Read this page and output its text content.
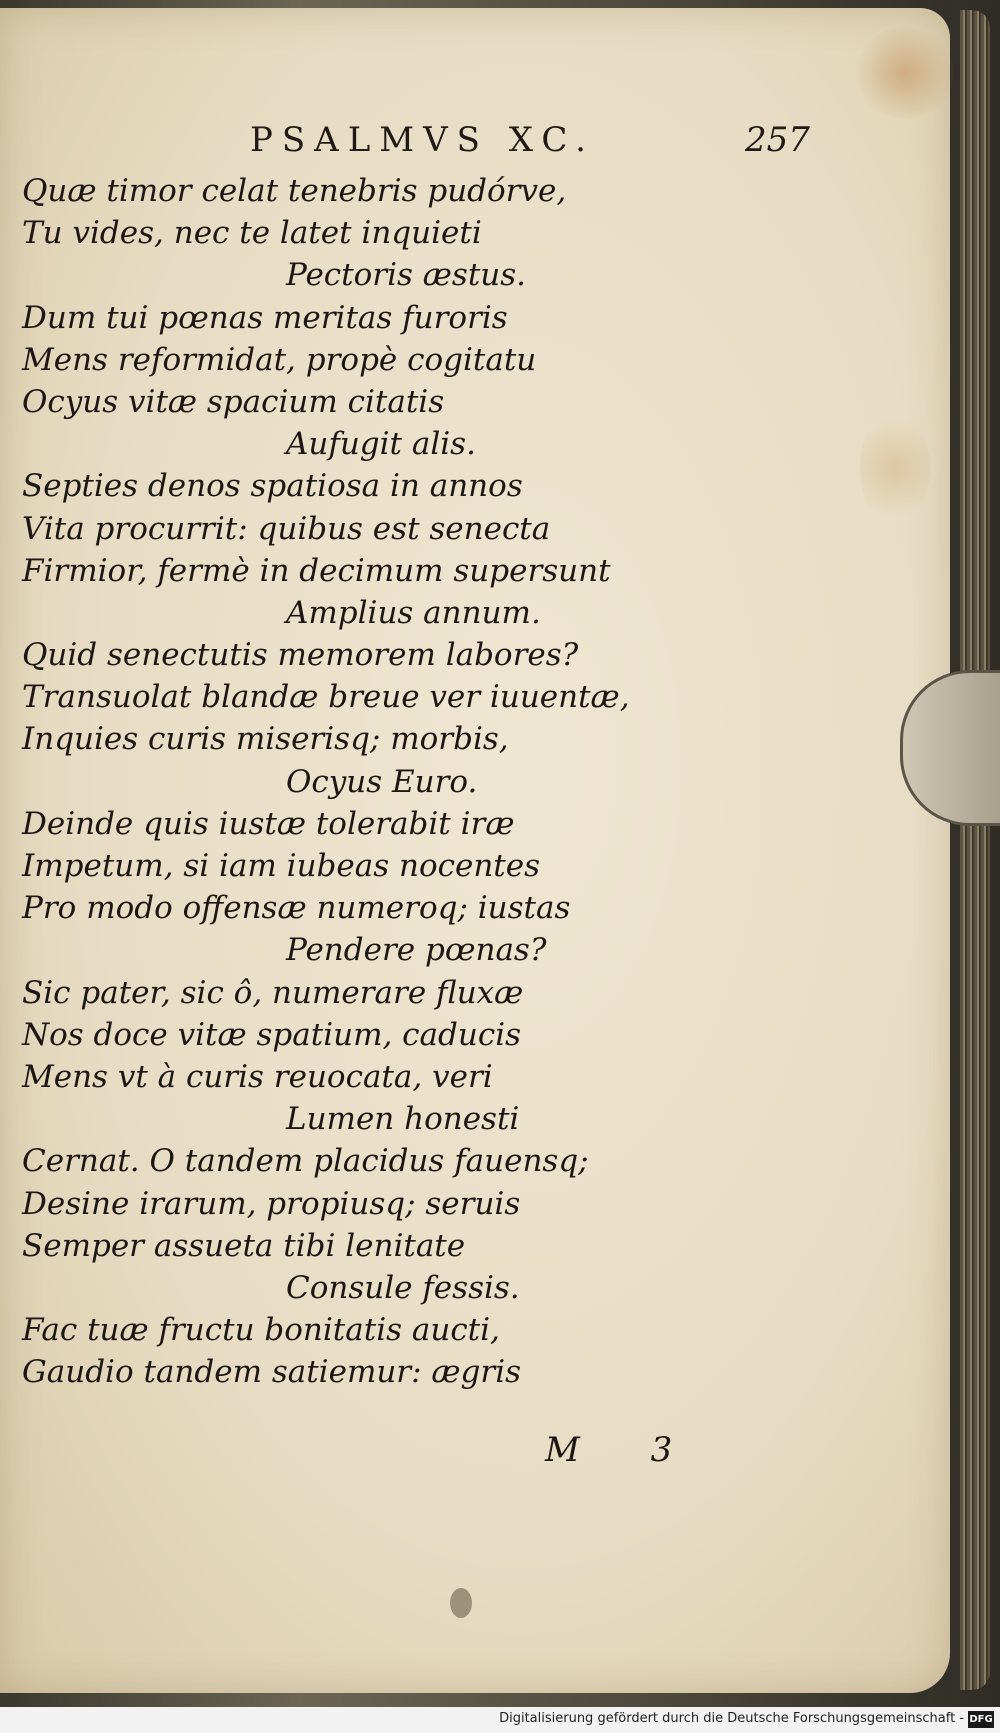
PSALMVS XC.	257
Quæ timor celat tenebris pudórve,
Tu vides, nec te latet inquieti
Pectoris æstus.
Dum tui pœnas meritas furoris
Mens reformidat, propè cogitatu
Ocyus vitæ spacium citatis
Aufugit alis.
Septies denos spatiosa in annos
Vita procurrit: quibus est senecta
Firmior, fermè in decimum supersunt
Amplius annum.
Quid senectutis memorem labores?
Transuolat blandæ breue ver iuuentæ,
Inquies curis miserisq; morbis,
Ocyus Euro.
Deinde quis iustæ tolerabit iræ
Impetum, si iam iubeas nocentes
Pro modo offensæ numeroq; iustas
Pendere pœnas?
Sic pater, sic ô, numerare fluxæ
Nos doce vitæ spatium, caducis
Mens vt à curis reuocata, veri
Lumen honesti
Cernat. O tandem placidus fauensq;
Desine irarum, propiusq; seruis
Semper assueta tibi lenitate
Consule fessis.
Fac tuæ fructu bonitatis aucti,
Gaudio tandem satiemur: ægris
M 3
Digitalisierung gefördert durch die Deutsche Forschungsgemeinschaft - DFG
